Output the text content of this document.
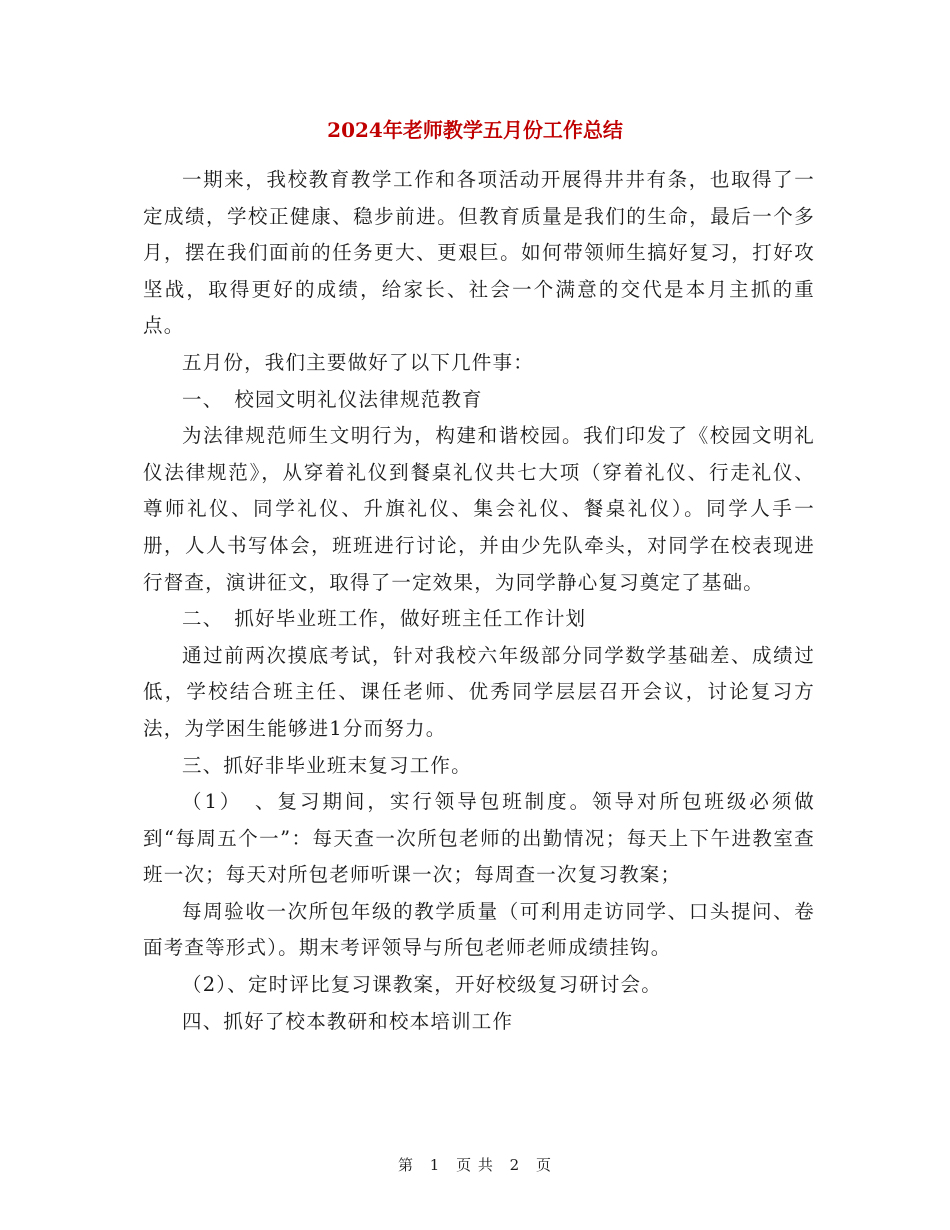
2024年老师教学五月份工作总结

一期来，我校教育教学工作和各项活动开展得井井有条，也取得了一定成绩，学校正健康、稳步前进。但教育质量是我们的生命，最后一个多月，摆在我们面前的任务更大、更艰巨。如何带领师生搞好复习，打好攻坚战，取得更好的成绩，给家长、社会一个满意的交代是本月主抓的重点。

五月份，我们主要做好了以下几件事：

一、　校园文明礼仪法律规范教育

为法律规范师生文明行为，构建和谐校园。我们印发了《校园文明礼仪法律规范》，从穿着礼仪到餐桌礼仪共七大项（穿着礼仪、行走礼仪、尊师礼仪、同学礼仪、升旗礼仪、集会礼仪、餐桌礼仪）。同学人手一册，人人书写体会，班班进行讨论，并由少先队牵头，对同学在校表现进行督查，演讲征文，取得了一定效果，为同学静心复习奠定了基础。

二、　抓好毕业班工作，做好班主任工作计划

通过前两次摸底考试，针对我校六年级部分同学数学基础差、成绩过低，学校结合班主任、课任老师、优秀同学层层召开会议，讨论复习方法，为学困生能够进1分而努力。

三、抓好非毕业班末复习工作。

（1）　、复习期间，实行领导包班制度。领导对所包班级必须做到“每周五个一”：每天查一次所包老师的出勤情况；每天上下午进教室查班一次；每天对所包老师听课一次；每周查一次复习教案；

每周验收一次所包年级的教学质量（可利用走访同学、口头提问、卷面考查等形式）。期末考评领导与所包老师老师成绩挂钩。

（2）、定时评比复习课教案，开好校级复习研讨会。

四、抓好了校本教研和校本培训工作

第 1 页 共 2 页
